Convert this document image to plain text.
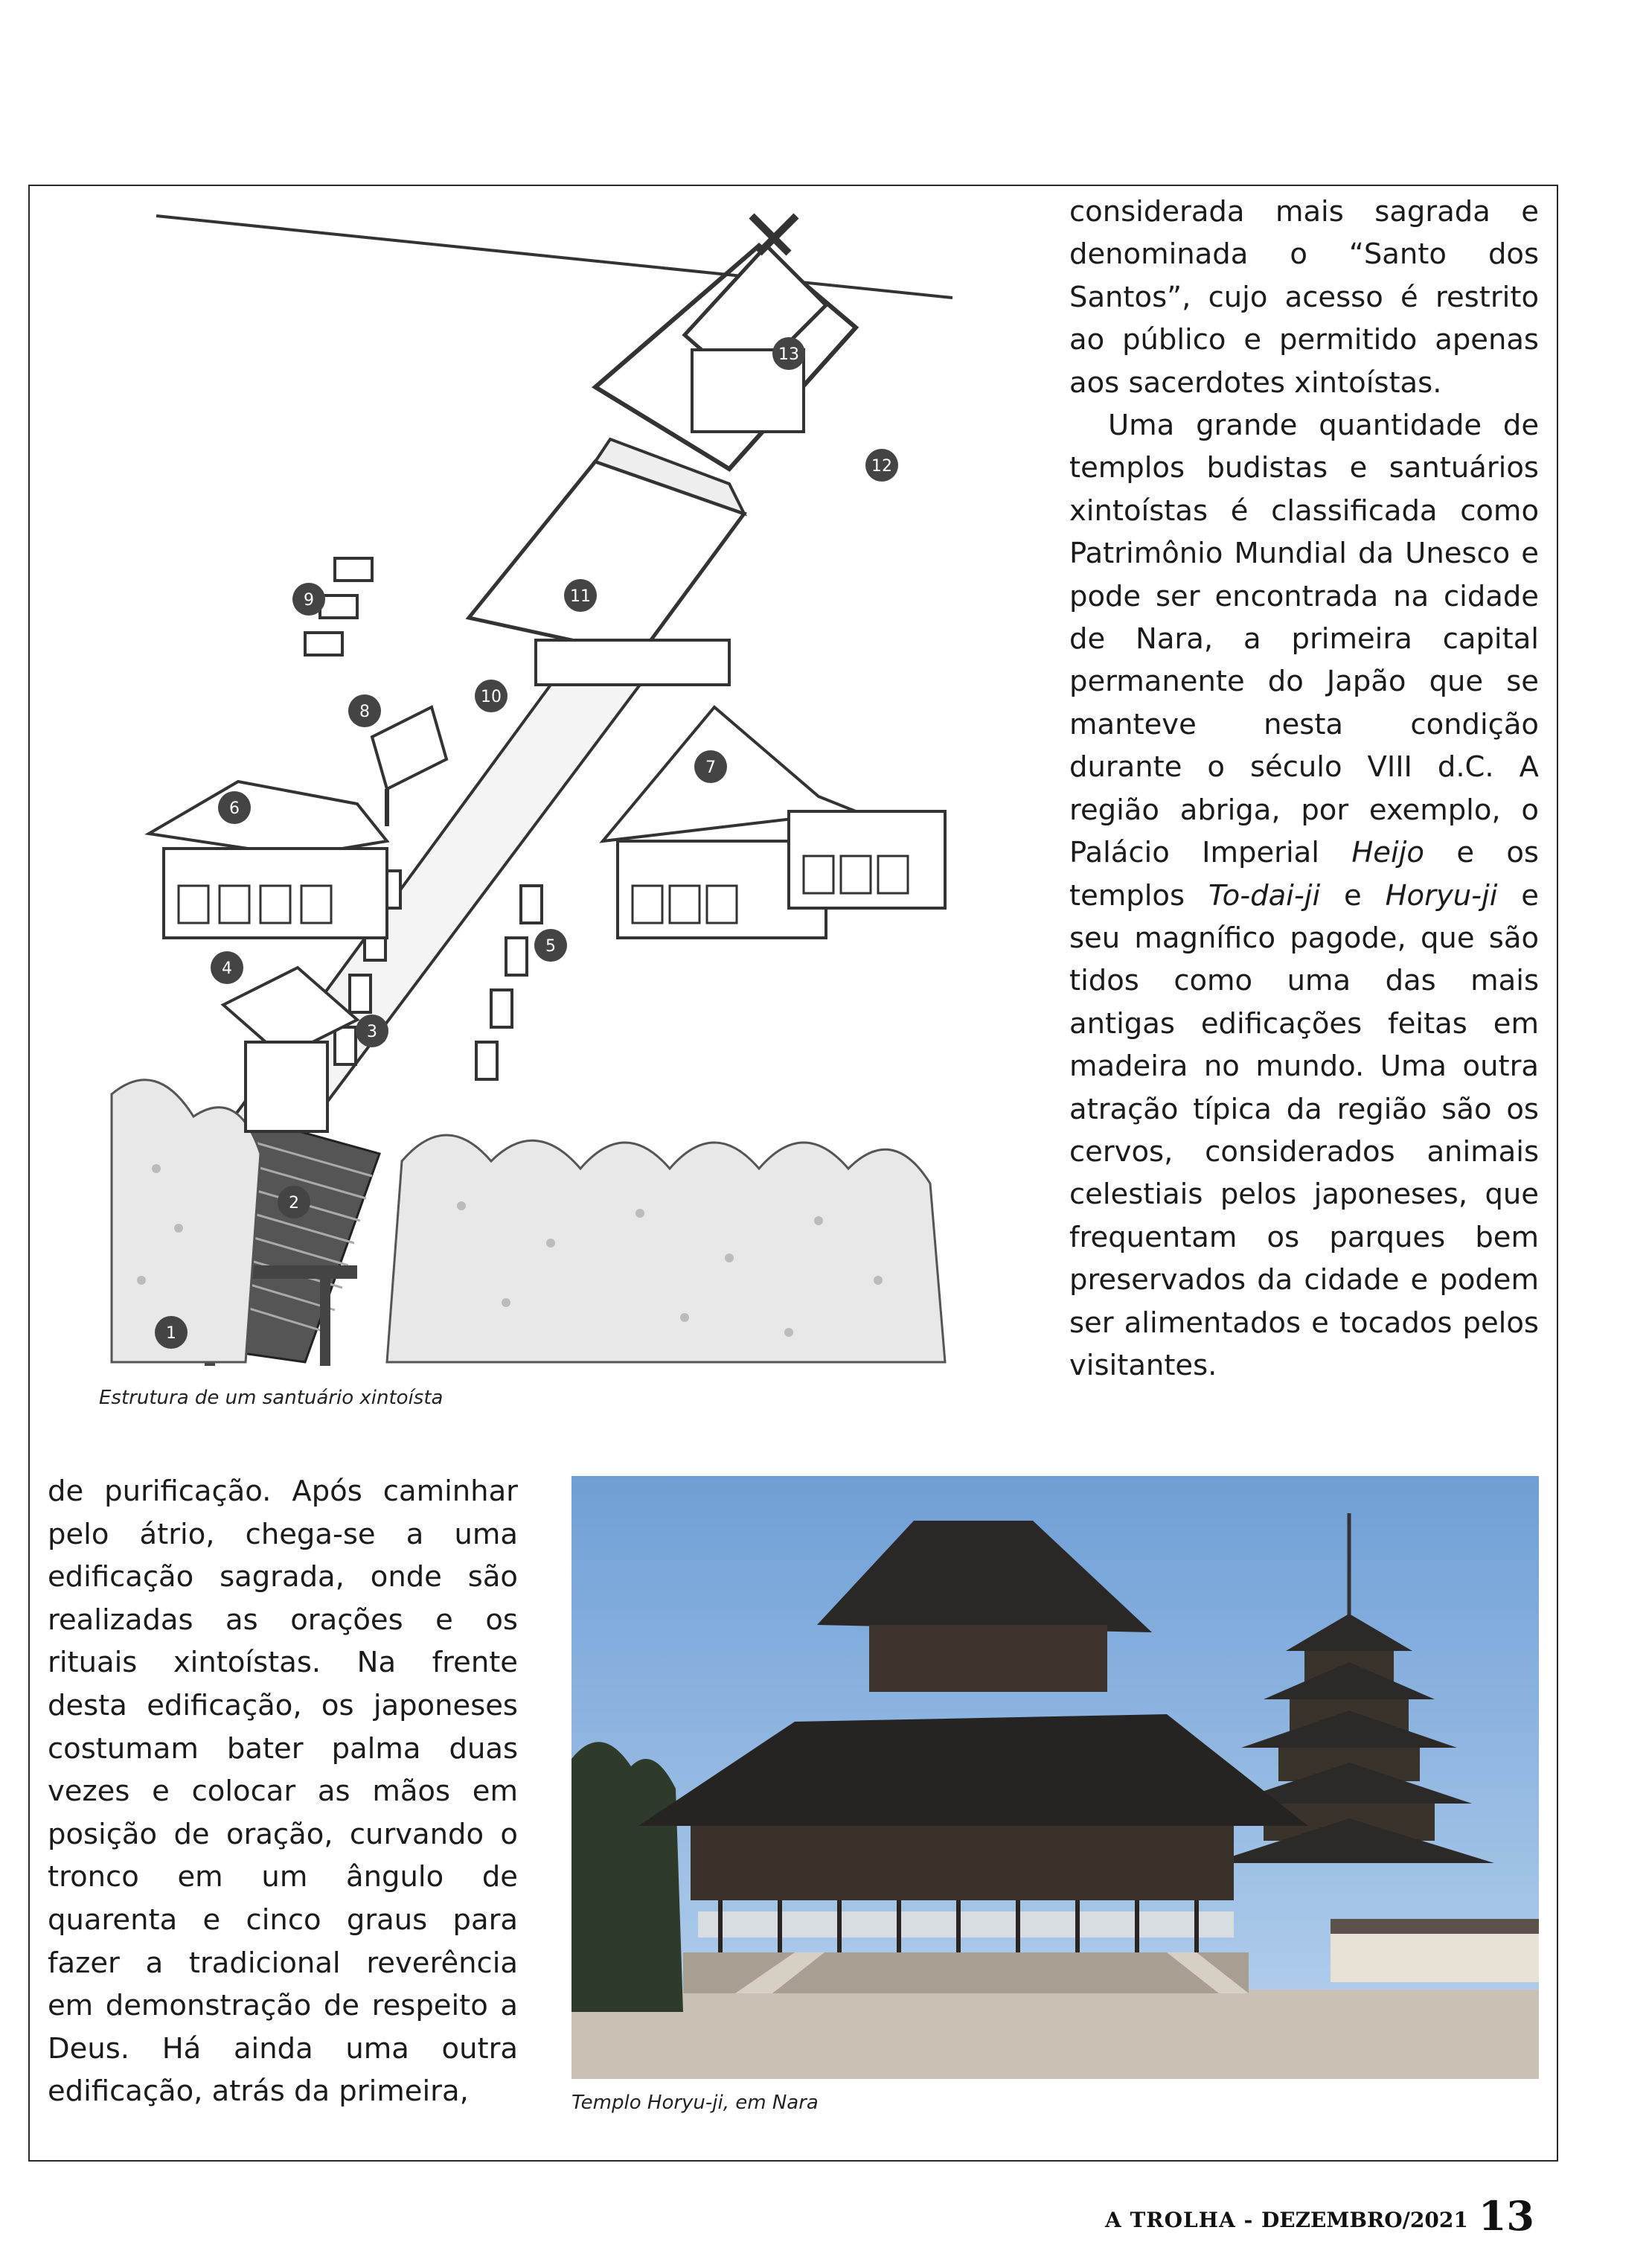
1
2
3
4
5
6
7
8
9
10
11
12
13
Estrutura de um santuário xintoísta

considerada mais sagrada e denominada o “Santo dos Santos”, cujo acesso é restrito ao público e permitido apenas aos sacerdotes xintoístas.

Uma grande quantidade de templos budistas e santuários xintoístas é classificada como Patrimônio Mundial da Unesco e pode ser encontrada na cidade de Nara, a primeira capital permanente do Japão que se manteve nesta condição durante o século VIII d.C. A região abriga, por exemplo, o Palácio Imperial Heijo e os templos To-dai-ji e Horyu-ji e seu magnífico pagode, que são tidos como uma das mais antigas edificações feitas em madeira no mundo. Uma outra atração típica da região são os cervos, considerados animais celestiais pelos japoneses, que frequentam os parques bem preservados da cidade e podem ser alimentados e tocados pelos visitantes.

de purificação. Após caminhar pelo átrio, chega-se a uma edificação sagrada, onde são realizadas as orações e os rituais xintoístas. Na frente desta edificação, os japoneses costumam bater palma duas vezes e colocar as mãos em posição de oração, curvando o tronco em um ângulo de quarenta e cinco graus para fazer a tradicional reverência em demonstração de respeito a Deus. Há ainda uma outra edificação, atrás da primeira,	Templo Horyu-ji, em Nara
A TROLHA - DEZEMBRO/2021 13
